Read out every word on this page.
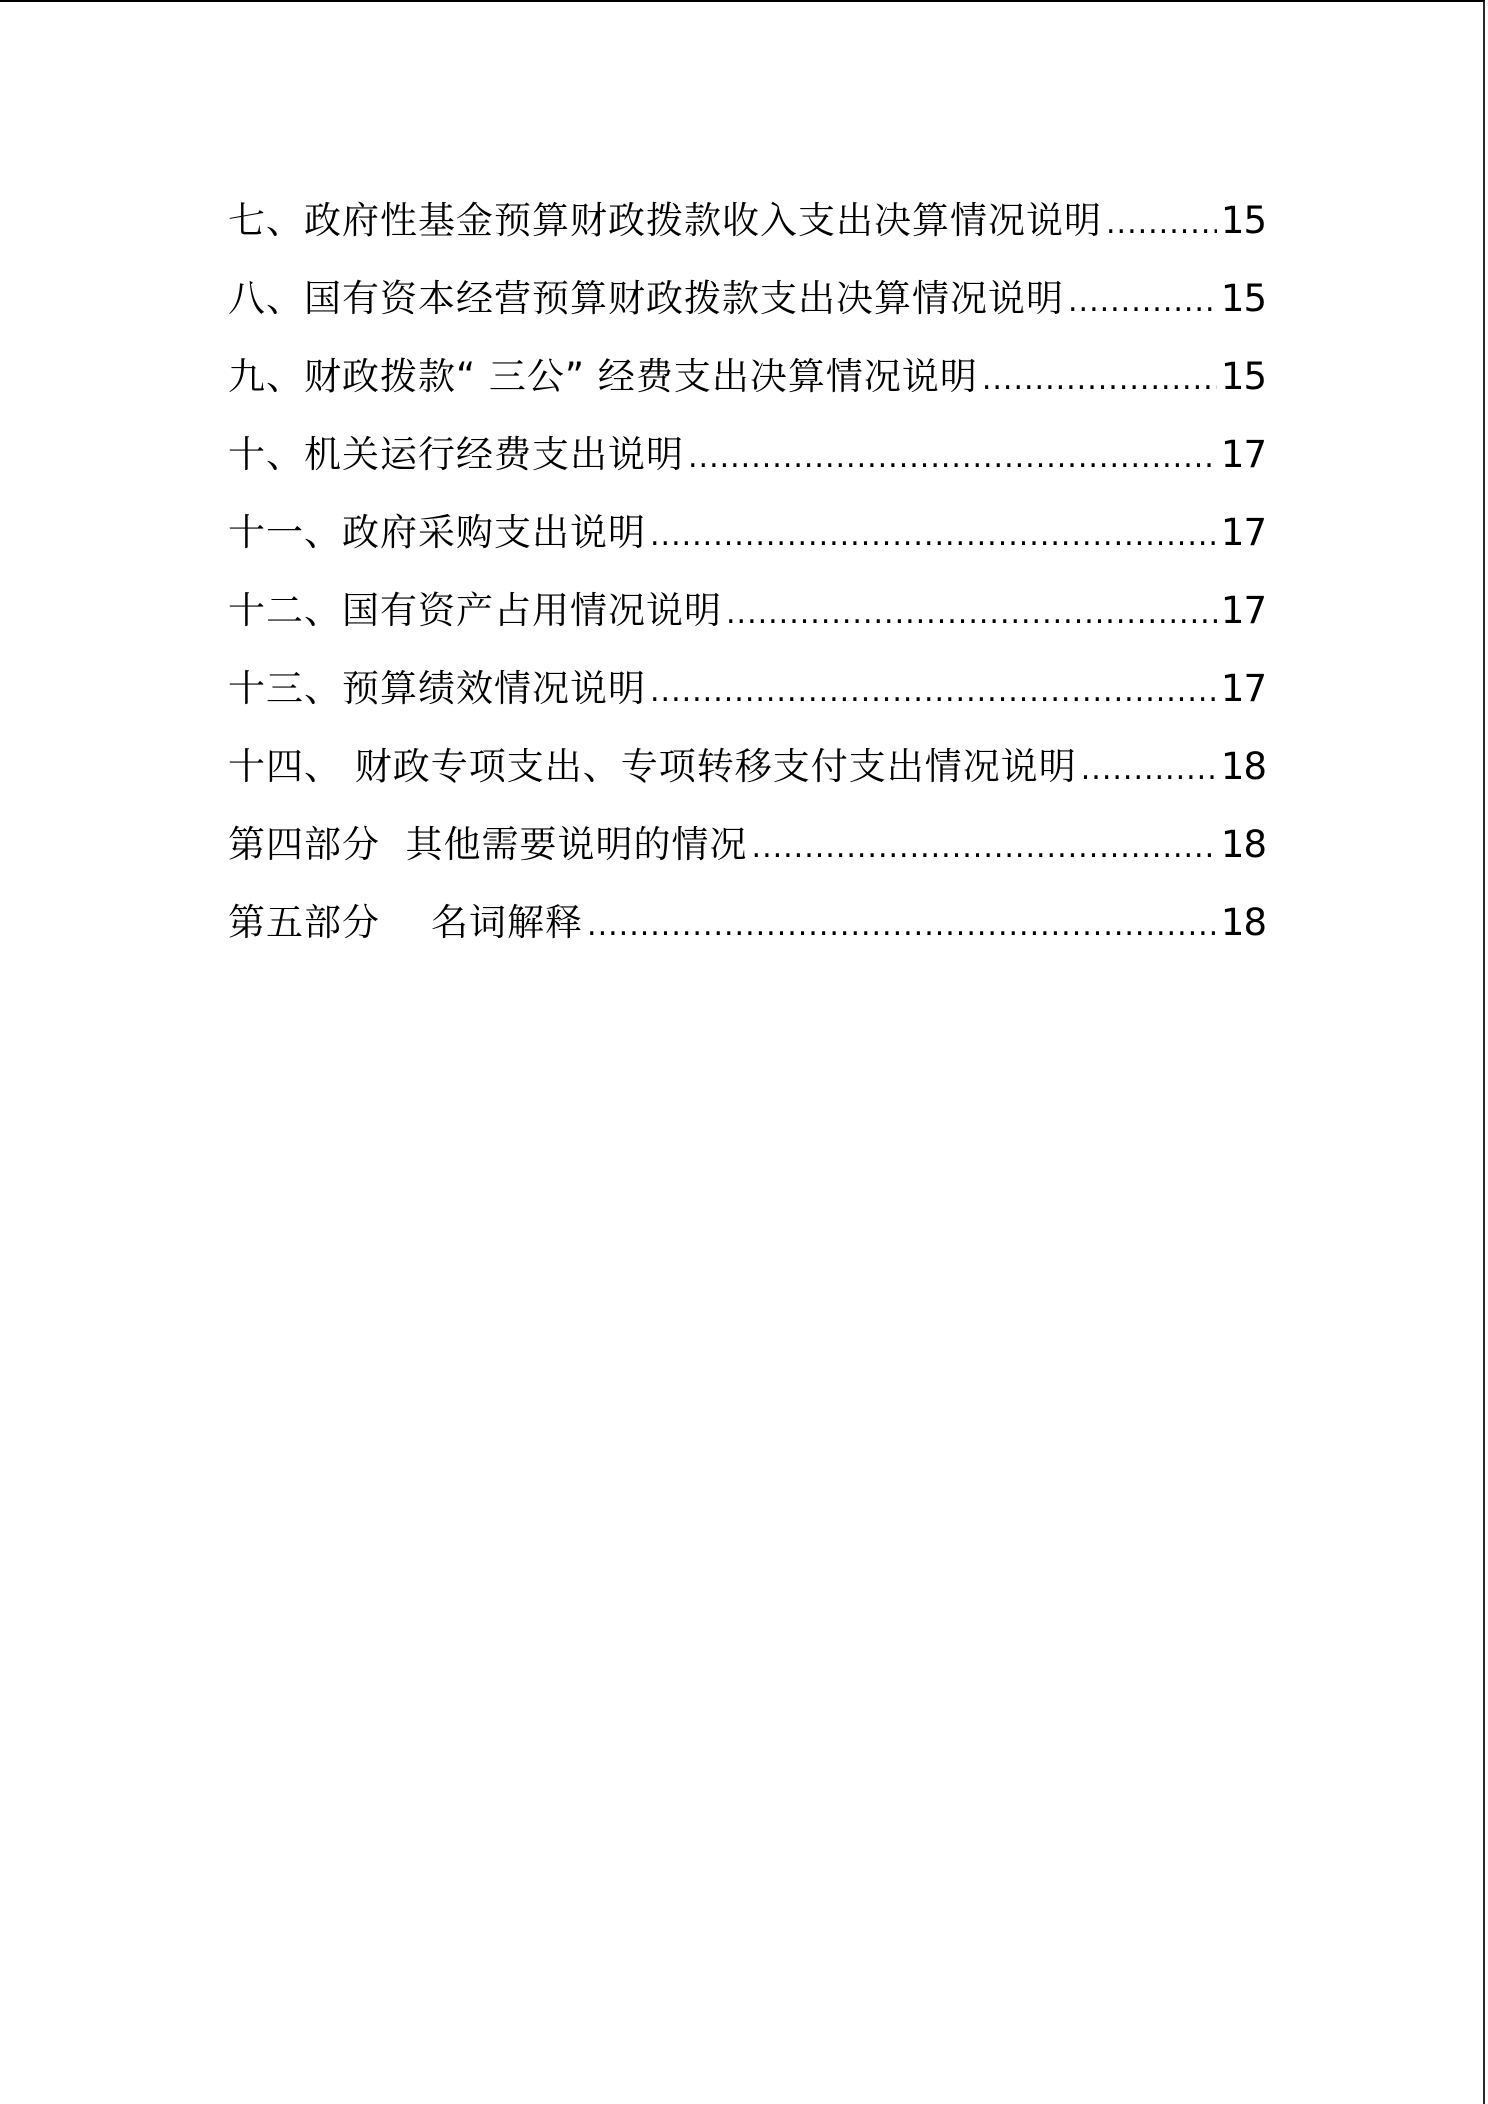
七、政府性基金预算财政拨款收入支出决算情况说明 .....	15
八、国有资本经营预算财政拨款支出决算情况说明 .....	15
九、财政拨款“ 三公” 经费支出决算情况说明 .....	15
十、机关运行经费支出说明 .....	17
十一、政府采购支出说明 .....	17
十二、国有资产占用情况说明 .....	17
十三、预算绩效情况说明 .....	17
十四、 财政专项支出、专项转移支付支出情况说明 .....	18
第四部分  其他需要说明的情况 .....	18
第五部分    名词解释 .....	18
